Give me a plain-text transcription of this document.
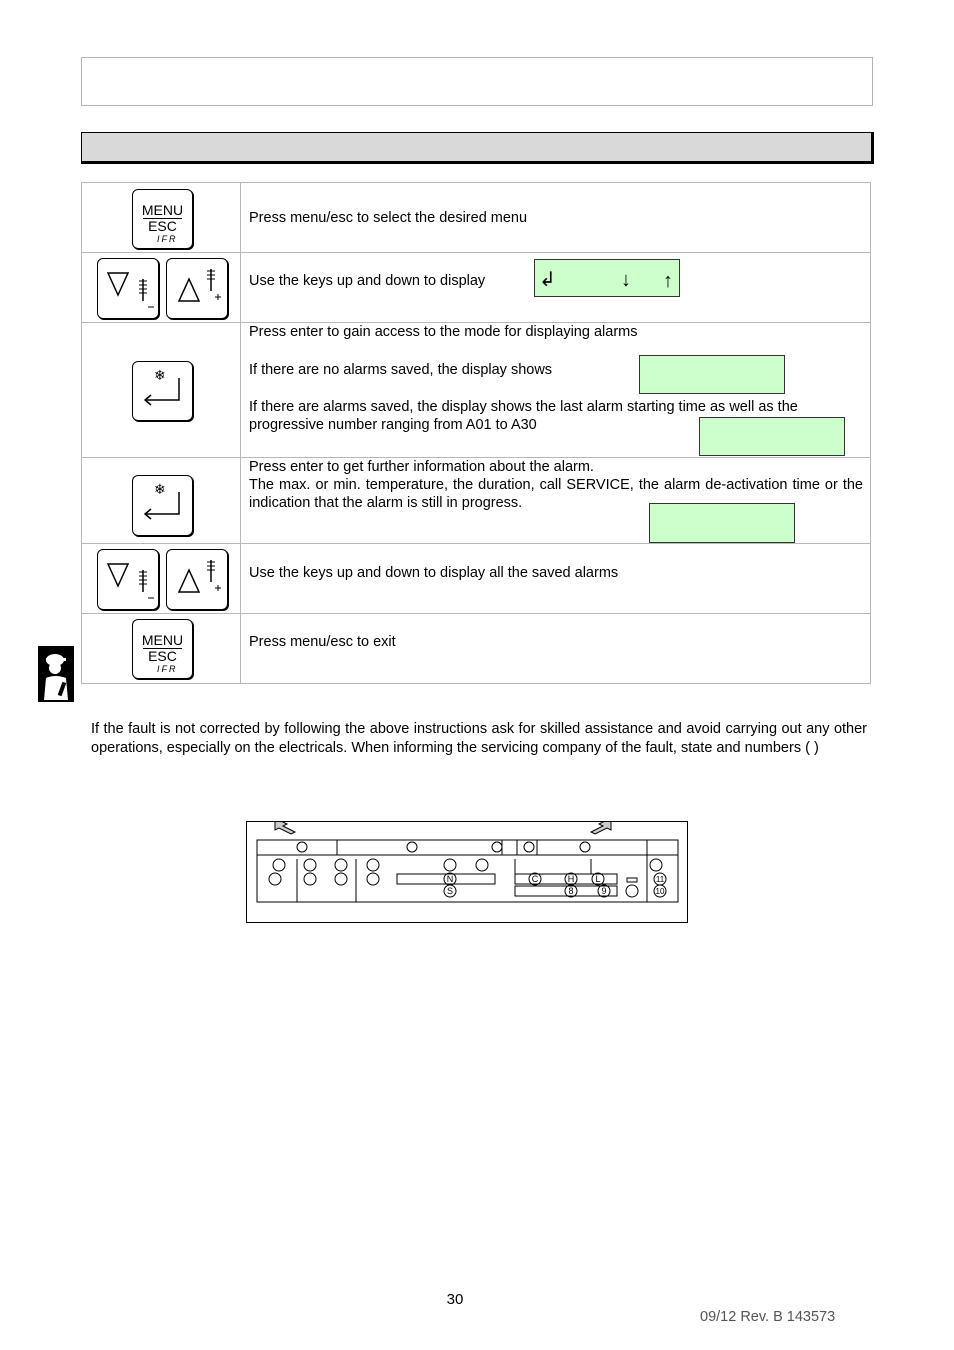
MENU
ESC
IFR	Press menu/esc to select the desired menu

Use the keys up and down to display ↲ ↓ ↑

❄	Press enter to gain access to the mode for displaying alarms
If there are no alarms saved, the display shows
If there are alarms saved, the display shows the last alarm starting time as well as the progressive number ranging from A01 to A30

❄	Press enter to get further information about the alarm.
The max. or min. temperature, the duration, call SERVICE, the alarm de-activation time or the indication that the alarm is still in progress.

Use the keys up and down to display all the saved alarms

MENU
ESC
IFR	Press menu/esc to exit
If the fault is not corrected by following the above instructions ask for skilled assistance and avoid carrying out any other operations, especially on the electricals. When informing the servicing company of the fault, state and numbers ( )
N
S
C	H L
8	9
11
10
30
09/12 Rev. B 143573
